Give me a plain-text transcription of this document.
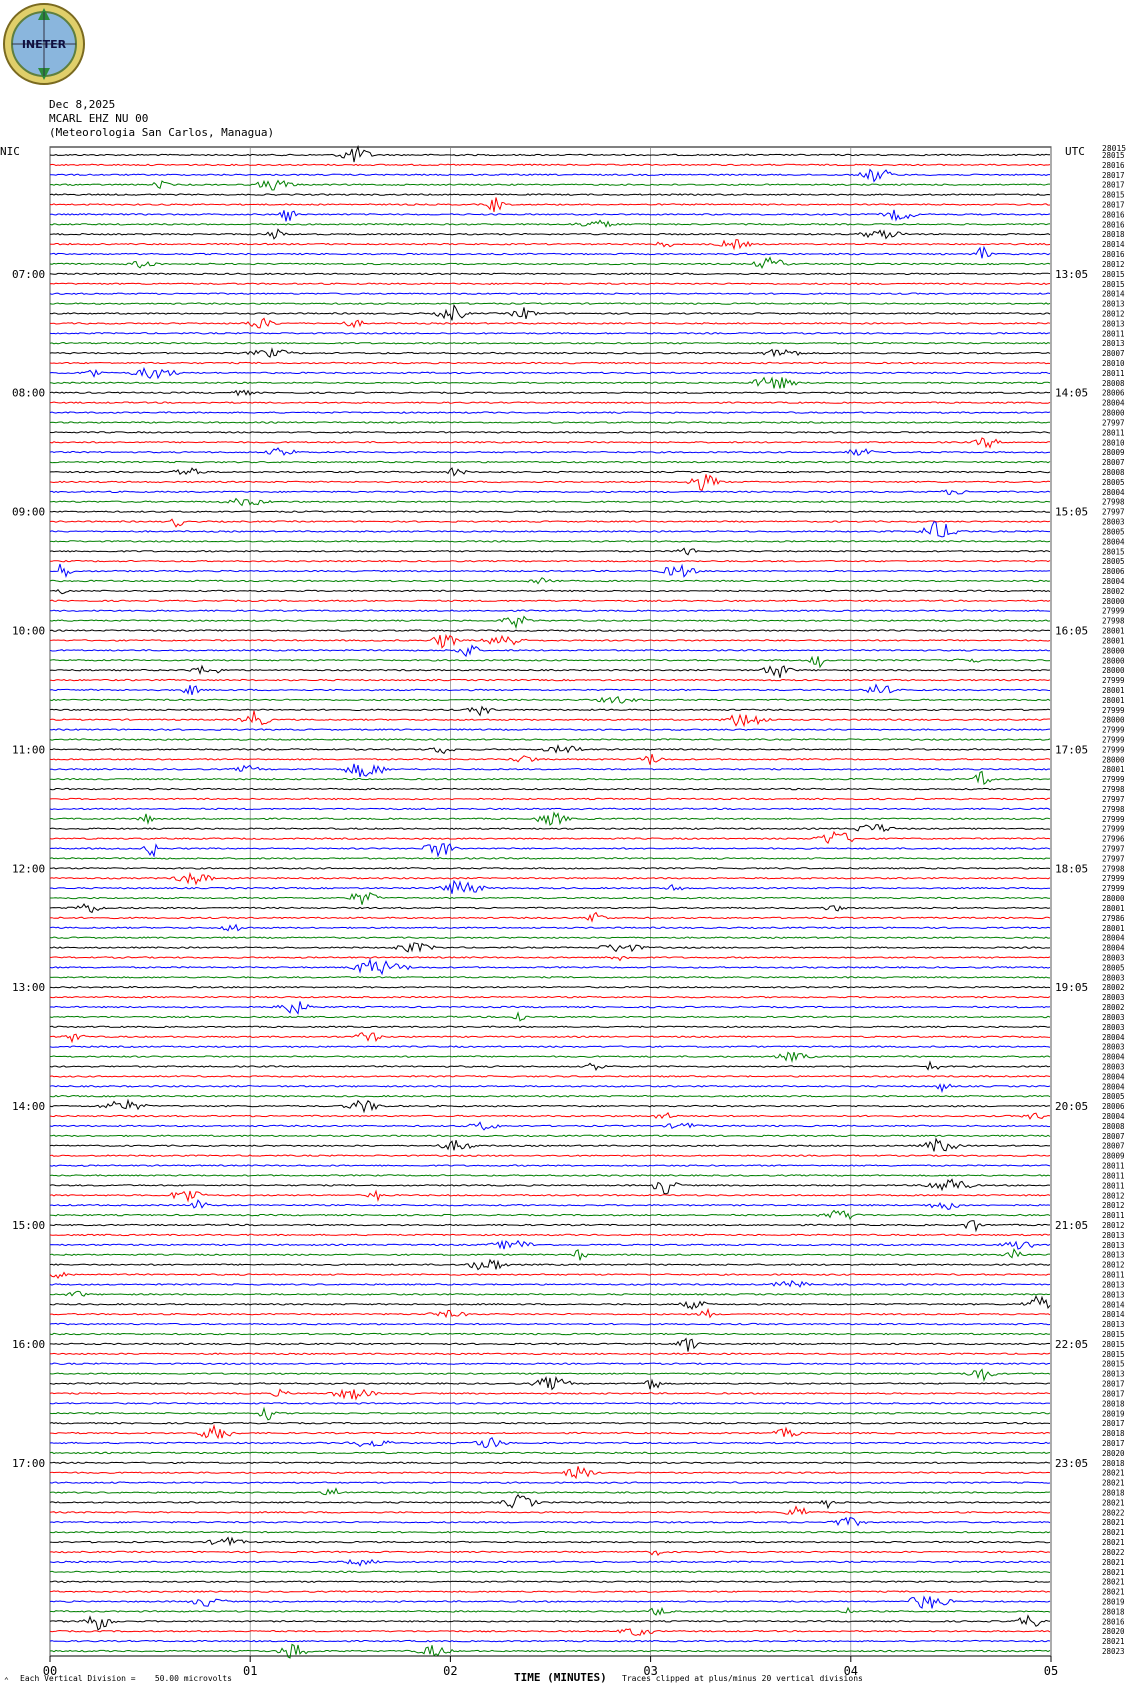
INETER
Dec 8,2025
MCARL EHZ NU 00
(Meteorologia San Carlos, Managua)
NIC	UTC 28015
00	01	02	03	04	05
28015
28016
28017
28017
28015
28017
28016
28016
28018
28014
28016
28012
28015
28015
28014
28013
28012
28013
28011
28013
28007
28010
28011
28008
28006
28004
28000
27997
28011
28010
28009
28007
28008
28005
28004
27998
27997
28003
28005
28004
28015
28005
28006
28004
28002
28000
27999
27998
28001
28001
28000
28000
28000
27999
28001
28001
27999
28000
27999
27999
27999
28000
28001
27999
27998
27997
27998
27999
27999
27996
27997
27997
27998
27999
27999
28000
28001
27986
28001
28004
28004
28003
28005
28003
28002
28003
28002
28003
28003
28004
28003
28004
28003
28004
28004
28005
28006
28004
28008
28007
28007
28009
28011
28011
28011
28012
28012
28011
28012
28013
28013
28013
28012
28011
28013
28013
28014
28014
28013
28015
28015
28015
28015
28013
28017
28017
28018
28019
28017
28018
28017
28020
28018
28021
28021
28018
28021
28022
28021
28021
28021
28022
28021
28021
28021
28021
28019
28018
28016
28020
28021
28023
07:00	13:05
08:00	14:05
09:00	15:05
10:00	16:05
11:00	17:05
12:00	18:05
13:00	19:05
14:00	20:05
15:00	21:05
16:00	22:05
17:00	23:05
⌃ Each Vertical Division =    50.00 microvolts	TIME (MINUTES) Traces clipped at plus/minus 20 vertical divisions
